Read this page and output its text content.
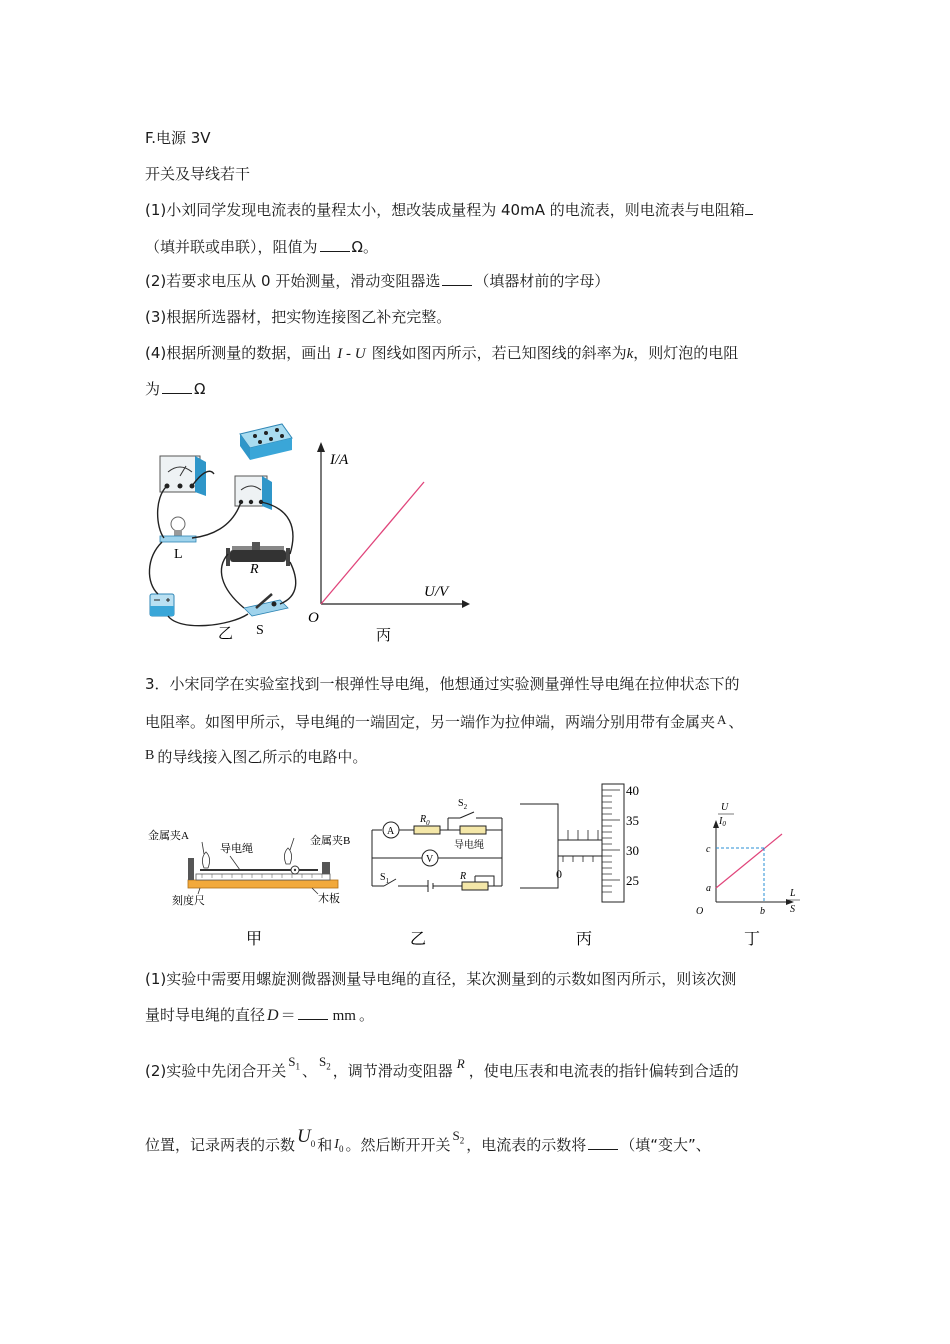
F.电源 3V
开关及导线若干
(1)小刘同学发现电流表的量程太小，想改装成量程为 40mA 的电流表，则电流表与电阻箱
（填并联或串联），阻值为 Ω。
(2)若要求电压从 0 开始测量，滑动变阻器选 （填器材前的字母）
(3)根据所选器材，把实物连接图乙补充完整。
(4)根据所测量的数据，画出 I - U 图线如图丙所示，若已知图线的斜率为k，则灯泡的电阻
为 Ω
L
R
S
乙
I/A
U/V
O
丙
3．小宋同学在实验室找到一根弹性导电绳，他想通过实验测量弹性导电绳在拉伸状态下的
电阻率。如图甲所示，导电绳的一端固定，另一端作为拉伸端，两端分别用带有金属夹 A 、
B 的导线接入图乙所示的电路中。
金属夹A	金属夹B
导电绳
刻度尺	木板
甲
A
V
$R_0$
$S_2$
导电绳
$S_1$	R
乙
0
40
35
30
25
丙
U
$I_0$
L
S
c
a
b
O
丁
(1)实验中需要用螺旋测微器测量导电绳的直径，某次测量到的示数如图丙所示，则该次测
量时导电绳的直径 D ＝ mm 。
(2)实验中先闭合开关$S_1$ 、$S_2$ ，调节滑动变阻器 R ，使电压表和电流表的指针偏转到合适的
位置，记录两表的示数 $U_0$ 和 $I_0$ 。然后断开开关$S_2$ ，电流表的示数将 （填“变大”、
